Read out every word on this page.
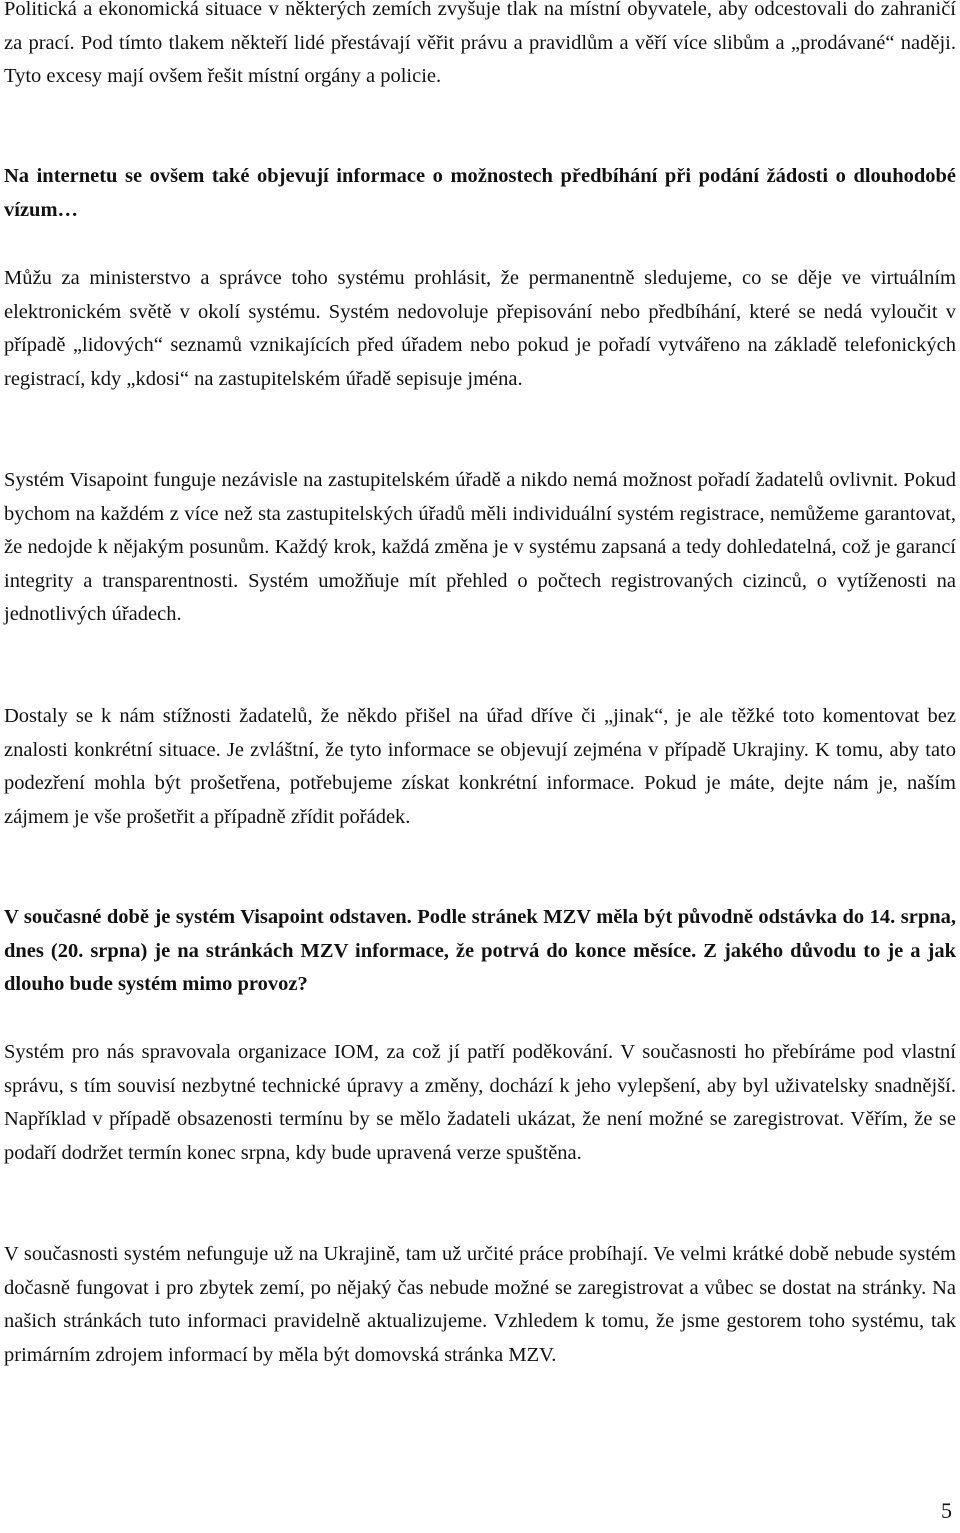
Politická a ekonomická situace v některých zemích zvyšuje tlak na místní obyvatele, aby odcestovali do zahraničí za prací. Pod tímto tlakem někteří lidé přestávají věřit právu a pravidlům a věří více slibům a „prodávané“ naději. Tyto excesy mají ovšem řešit místní orgány a policie.

Na internetu se ovšem také objevují informace o možnostech předbíhání při podání žádosti o dlouhodobé vízum…

Můžu za ministerstvo a správce toho systému prohlásit, že permanentně sledujeme, co se děje ve virtuálním elektronickém světě v okolí systému. Systém nedovoluje přepisování nebo předbíhání, které se nedá vyloučit v případě „lidových“ seznamů vznikajících před úřadem nebo pokud je pořadí vytvářeno na základě telefonických registrací, kdy „kdosi“ na zastupitelském úřadě sepisuje jména.

Systém Visapoint funguje nezávisle na zastupitelském úřadě a nikdo nemá možnost pořadí žadatelů ovlivnit. Pokud bychom na každém z více než sta zastupitelských úřadů měli individuální systém registrace, nemůžeme garantovat, že nedojde k nějakým posunům. Každý krok, každá změna je v systému zapsaná a tedy dohledatelná, což je garancí integrity a transparentnosti. Systém umožňuje mít přehled o počtech registrovaných cizinců, o vytíženosti na jednotlivých úřadech.

Dostaly se k nám stížnosti žadatelů, že někdo přišel na úřad dříve či „jinak“, je ale těžké toto komentovat bez znalosti konkrétní situace. Je zvláštní, že tyto informace se objevují zejména v případě Ukrajiny. K tomu, aby tato podezření mohla být prošetřena, potřebujeme získat konkrétní informace. Pokud je máte, dejte nám je, naším zájmem je vše prošetřit a případně zřídit pořádek.

V současné době je systém Visapoint odstaven. Podle stránek MZV měla být původně odstávka do 14. srpna, dnes (20. srpna) je na stránkách MZV informace, že potrvá do konce měsíce. Z jakého důvodu to je a jak dlouho bude systém mimo provoz?

Systém pro nás spravovala organizace IOM, za což jí patří poděkování. V současnosti ho přebíráme pod vlastní správu, s tím souvisí nezbytné technické úpravy a změny, dochází k jeho vylepšení, aby byl uživatelsky snadnější. Například v případě obsazenosti termínu by se mělo žadateli ukázat, že není možné se zaregistrovat. Věřím, že se podaří dodržet termín konec srpna, kdy bude upravená verze spuštěna.

V současnosti systém nefunguje už na Ukrajině, tam už určité práce probíhají. Ve velmi krátké době nebude systém dočasně fungovat i pro zbytek zemí, po nějaký čas nebude možné se zaregistrovat a vůbec se dostat na stránky. Na našich stránkách tuto informaci pravidelně aktualizujeme. Vzhledem k tomu, že jsme gestorem toho systému, tak primárním zdrojem informací by měla být domovská stránka MZV.

5
